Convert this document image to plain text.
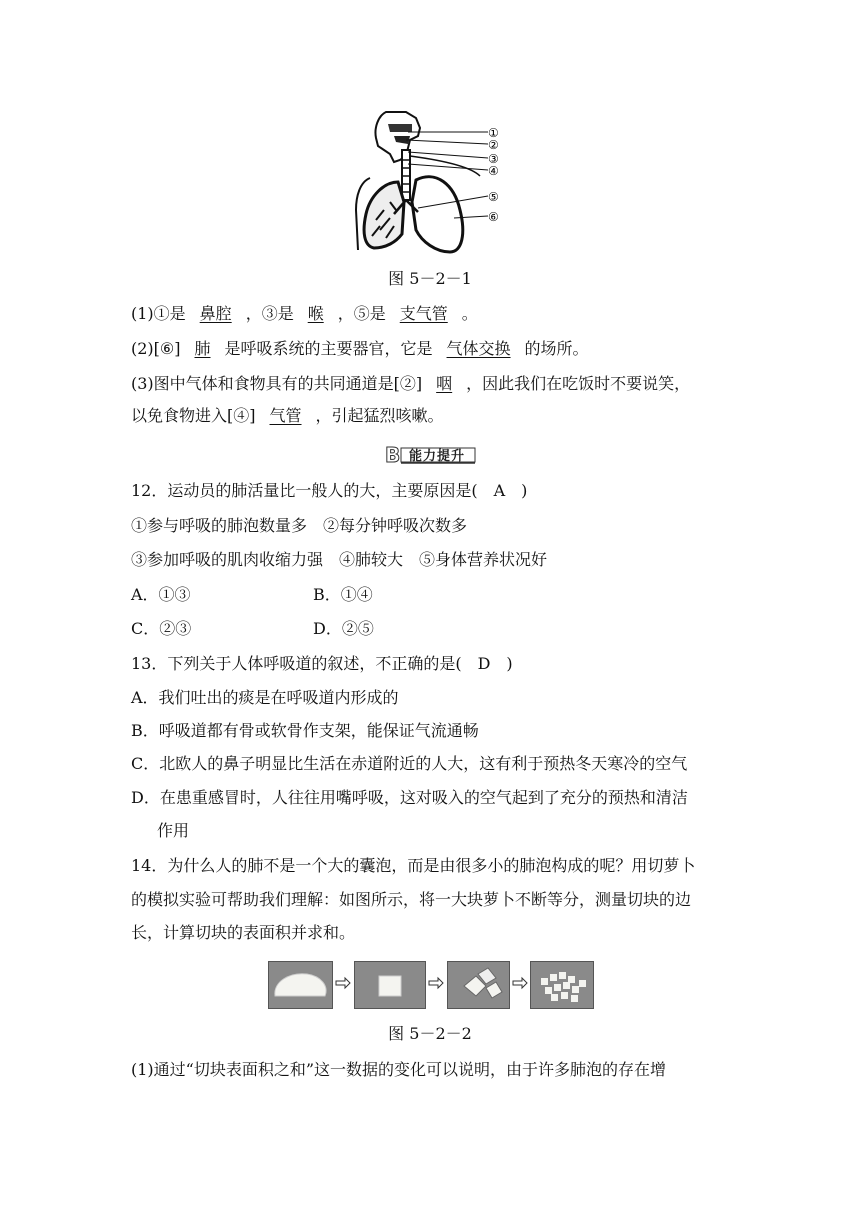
①
②
③
④
⑤
⑥
图 5－2－1
(1)①是 鼻腔 ，③是 喉 ，⑤是 支气管 。
(2)[⑥] 肺 是呼吸系统的主要器官，它是 气体交换 的场所。
(3)图中气体和食物具有的共同通道是[②] 咽 ，因此我们在吃饭时不要说笑，
以免食物进入[④] 气管 ，引起猛烈咳嗽。
B 能力提升
12．运动员的肺活量比一般人的大，主要原因是(　A　)
①参与呼吸的肺泡数量多　②每分钟呼吸次数多
③参加呼吸的肌肉收缩力强　④肺较大　⑤身体营养状况好
A．①③	B．①④
C．②③	D．②⑤
13．下列关于人体呼吸道的叙述，不正确的是(　D　)
A．我们吐出的痰是在呼吸道内形成的
B．呼吸道都有骨或软骨作支架，能保证气流通畅
C．北欧人的鼻子明显比生活在赤道附近的人大，这有利于预热冬天寒冷的空气
D．在患重感冒时，人往往用嘴呼吸，这对吸入的空气起到了充分的预热和清洁
作用
14．为什么人的肺不是一个大的囊泡，而是由很多小的肺泡构成的呢？用切萝卜
的模拟实验可帮助我们理解：如图所示，将一大块萝卜不断等分，测量切块的边
长，计算切块的表面积并求和。
图 5－2－2
(1)通过“切块表面积之和”这一数据的变化可以说明，由于许多肺泡的存在增
